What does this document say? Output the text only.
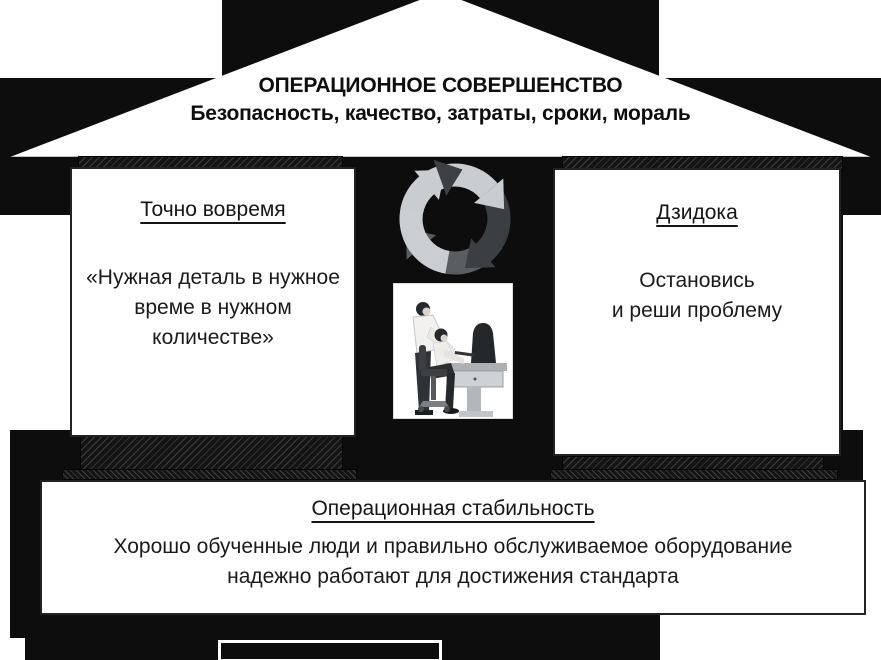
ОПЕРАЦИОННОЕ СОВЕРШЕНСТВО
Безопасность, качество, затраты, сроки, мораль
Точно вовремя
«Нужная деталь в нужное
време в нужном
количестве»
Дзидока
Остановись
и реши проблему
Операционная стабильность
Хорошо обученные люди и правильно обслуживаемое оборудование
надежно работают для достижения стандарта
